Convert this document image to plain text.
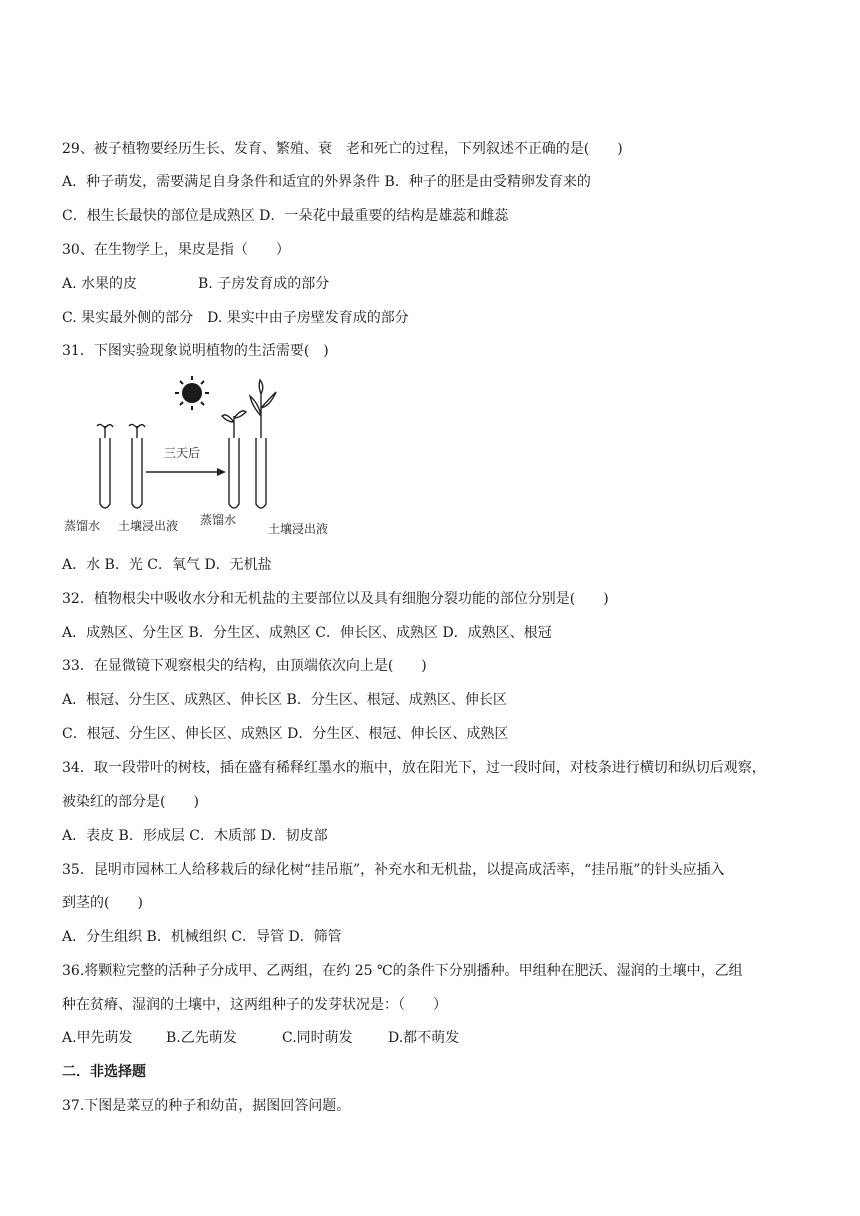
29、被子植物要经历生长、发育、繁殖、衰　老和死亡的过程，下列叙述不正确的是(　　)
A．种子萌发，需要满足自身条件和适宜的外界条件 B．种子的胚是由受精卵发育来的
C．根生长最快的部位是成熟区 D．一朵花中最重要的结构是雄蕊和雌蕊
30、在生物学上，果皮是指（　　）
A. 水果的皮	B. 子房发育成的部分
C. 果实最外侧的部分　D. 果实中由子房壁发育成的部分
31．下图实验现象说明植物的生活需要(　)
三天后
蒸馏水 土壤浸出液 蒸馏水
土壤浸出液
A．水 B．光 C．氧气 D．无机盐
32．植物根尖中吸收水分和无机盐的主要部位以及具有细胞分裂功能的部位分别是(　　)
A．成熟区、分生区 B．分生区、成熟区 C．伸长区、成熟区 D．成熟区、根冠
33．在显微镜下观察根尖的结构，由顶端依次向上是(　　)
A．根冠、分生区、成熟区、伸长区 B．分生区、根冠、成熟区、伸长区
C．根冠、分生区、伸长区、成熟区 D．分生区、根冠、伸长区、成熟区
34．取一段带叶的树枝，插在盛有稀释红墨水的瓶中，放在阳光下，过一段时间，对枝条进行横切和纵切后观察，
被染红的部分是(　　)
A．表皮 B．形成层 C．木质部 D．韧皮部
35．昆明市园林工人给移栽后的绿化树“挂吊瓶”，补充水和无机盐，以提高成活率，“挂吊瓶”的针头应插入
到茎的(　　)
A．分生组织 B．机械组织 C．导管 D．筛管
36.将颗粒完整的活种子分成甲、乙两组，在约 25 ℃的条件下分别播种。甲组种在肥沃、湿润的土壤中，乙组
种在贫瘠、湿润的土壤中，这两组种子的发芽状况是：（　　）
A.甲先萌发 B.乙先萌发	C.同时萌发	D.都不萌发
二．非选择题
37.下图是菜豆的种子和幼苗，据图回答问题。
